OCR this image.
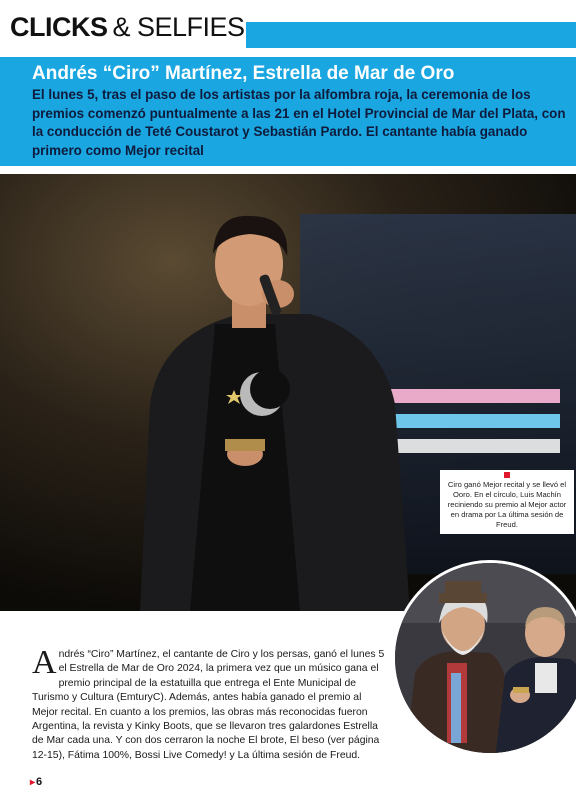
CLICKS & SELFIES
Andrés “Ciro” Martínez, Estrella de Mar de Oro
El lunes 5, tras el paso de los artistas por la alfombra roja, la ceremonia de los premios comenzó puntualmente a las 21 en el Hotel Provincial de Mar del Plata, con la conducción de Teté Coustarot y Sebastián Pardo. El cantante había ganado primero como Mejor recital
Ciro ganó Mejor recital y se llevó el Ooro. En el círculo, Luis Machín reciniendo su premio al Mejor actor en drama por La última sesión de Freud.
Andrés “Ciro” Martínez, el cantante de Ciro y los persas, ganó el lunes 5 el Estrella de Mar de Oro 2024, la primera vez que un músico gana el premio principal de la estatuilla que entrega el Ente Municipal de Turismo y Cultura (EmturyC). Además, antes había ganado el premio al Mejor recital. En cuanto a los premios, las obras más reconocidas fueron Argentina, la revista y Kinky Boots, que se llevaron tres galardones Estrella de Mar cada una. Y con dos cerraron la noche El brote, El beso (ver página 12-15), Fátima 100%, Bossi Live Comedy! y La última sesión de Freud.
▸ 6
